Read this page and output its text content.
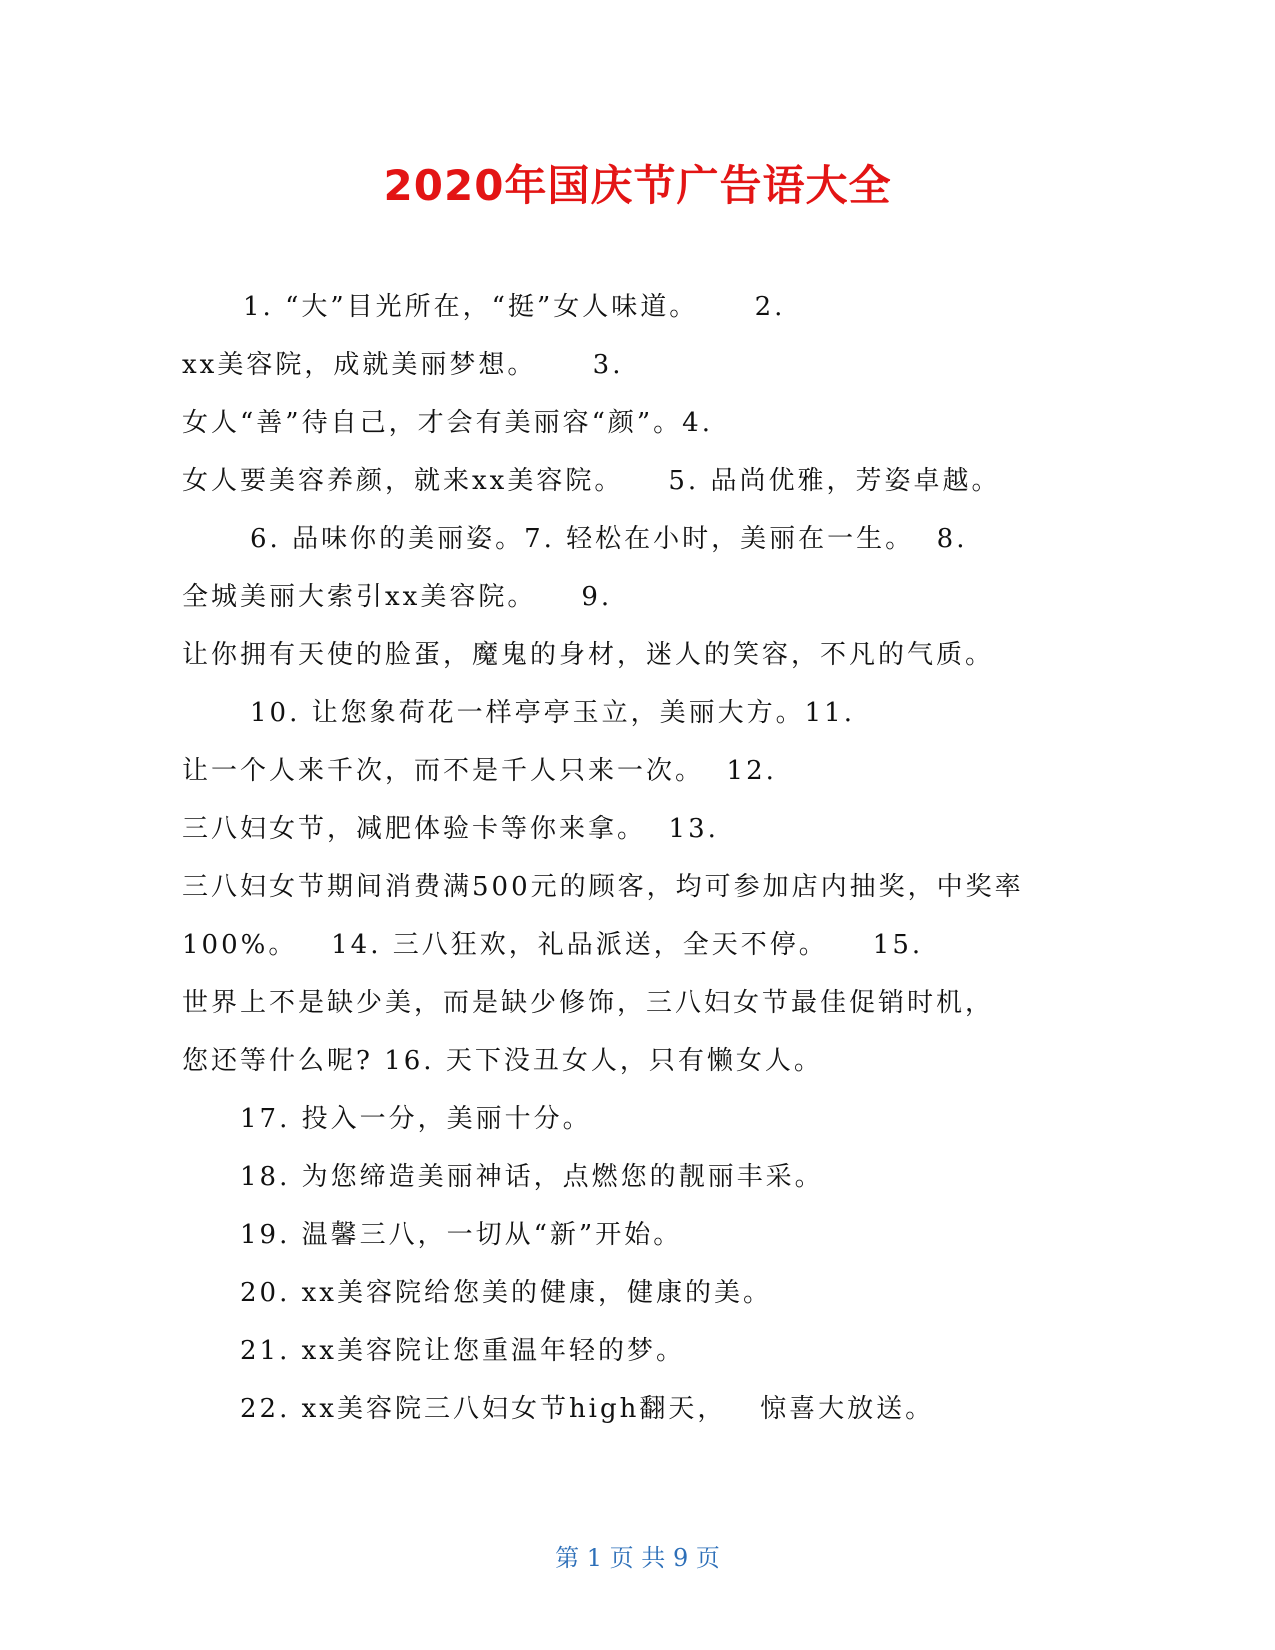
2020年国庆节广告语大全
1. “大”目光所在，“挺”女人味道。     2.
xx美容院，成就美丽梦想。     3.
女人“善”待自己，才会有美丽容“颜”。4.
女人要美容养颜，就来xx美容院。    5. 品尚优雅，芳姿卓越。
6. 品味你的美丽姿。7. 轻松在小时，美丽在一生。  8.
全城美丽大索引xx美容院。    9.
让你拥有天使的脸蛋，魔鬼的身材，迷人的笑容，不凡的气质。
10. 让您象荷花一样亭亭玉立，美丽大方。11.
让一个人来千次，而不是千人只来一次。  12.
三八妇女节，减肥体验卡等你来拿。  13.
三八妇女节期间消费满500元的顾客，均可参加店内抽奖，中奖率
100%。   14. 三八狂欢，礼品派送，全天不停。    15.
世界上不是缺少美，而是缺少修饰，三八妇女节最佳促销时机，
您还等什么呢? 16. 天下没丑女人，只有懒女人。
17. 投入一分，美丽十分。
18. 为您缔造美丽神话，点燃您的靓丽丰采。
19. 温馨三八，一切从“新”开始。
20. xx美容院给您美的健康，健康的美。
21. xx美容院让您重温年轻的梦。
22. xx美容院三八妇女节high翻天，   惊喜大放送。
第 1 页 共 9 页
